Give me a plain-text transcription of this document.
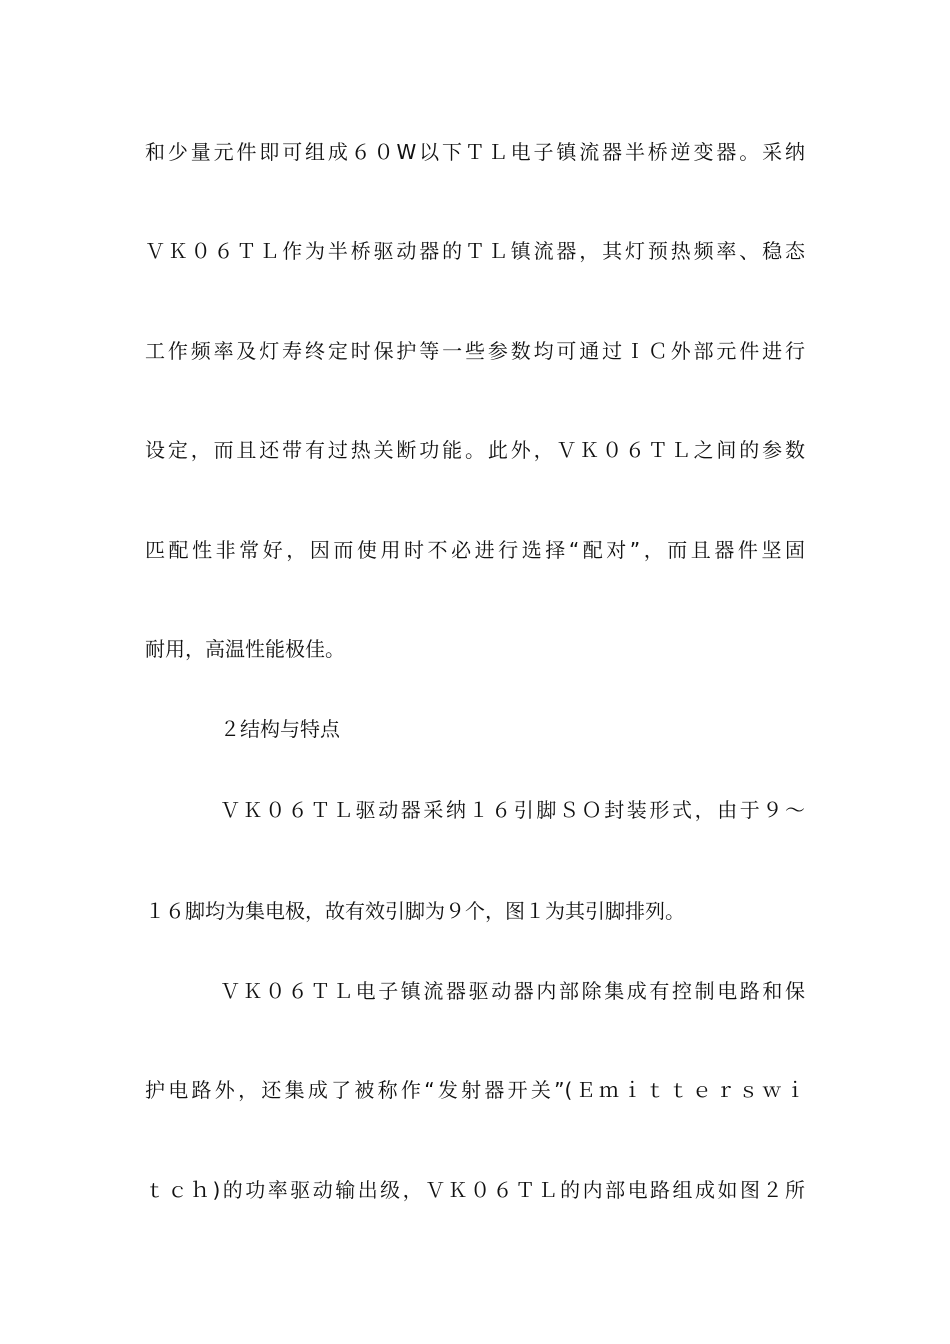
和少量元件即可组成６０W以下ＴＬ电子镇流器半桥逆变器。采纳
ＶＫ０６ＴＬ作为半桥驱动器的ＴＬ镇流器，其灯预热频率、稳态
工作频率及灯寿终定时保护等一些参数均可通过ＩＣ外部元件进行
设定，而且还带有过热关断功能。此外，ＶＫ０６ＴＬ之间的参数
匹配性非常好，因而使用时不必进行选择“配对”，而且器件坚固
耐用，高温性能极佳。
２结构与特点
ＶＫ０６ＴＬ驱动器采纳１６引脚ＳＯ封装形式，由于９～
１６脚均为集电极，故有效引脚为９个，图１为其引脚排列。
ＶＫ０６ＴＬ电子镇流器驱动器内部除集成有控制电路和保
护电路外，还集成了被称作“发射器开关”(Ｅｍｉｔｔｅｒｓｗｉ
ｔｃｈ)的功率驱动输出级，ＶＫ０６ＴＬ的内部电路组成如图２所
